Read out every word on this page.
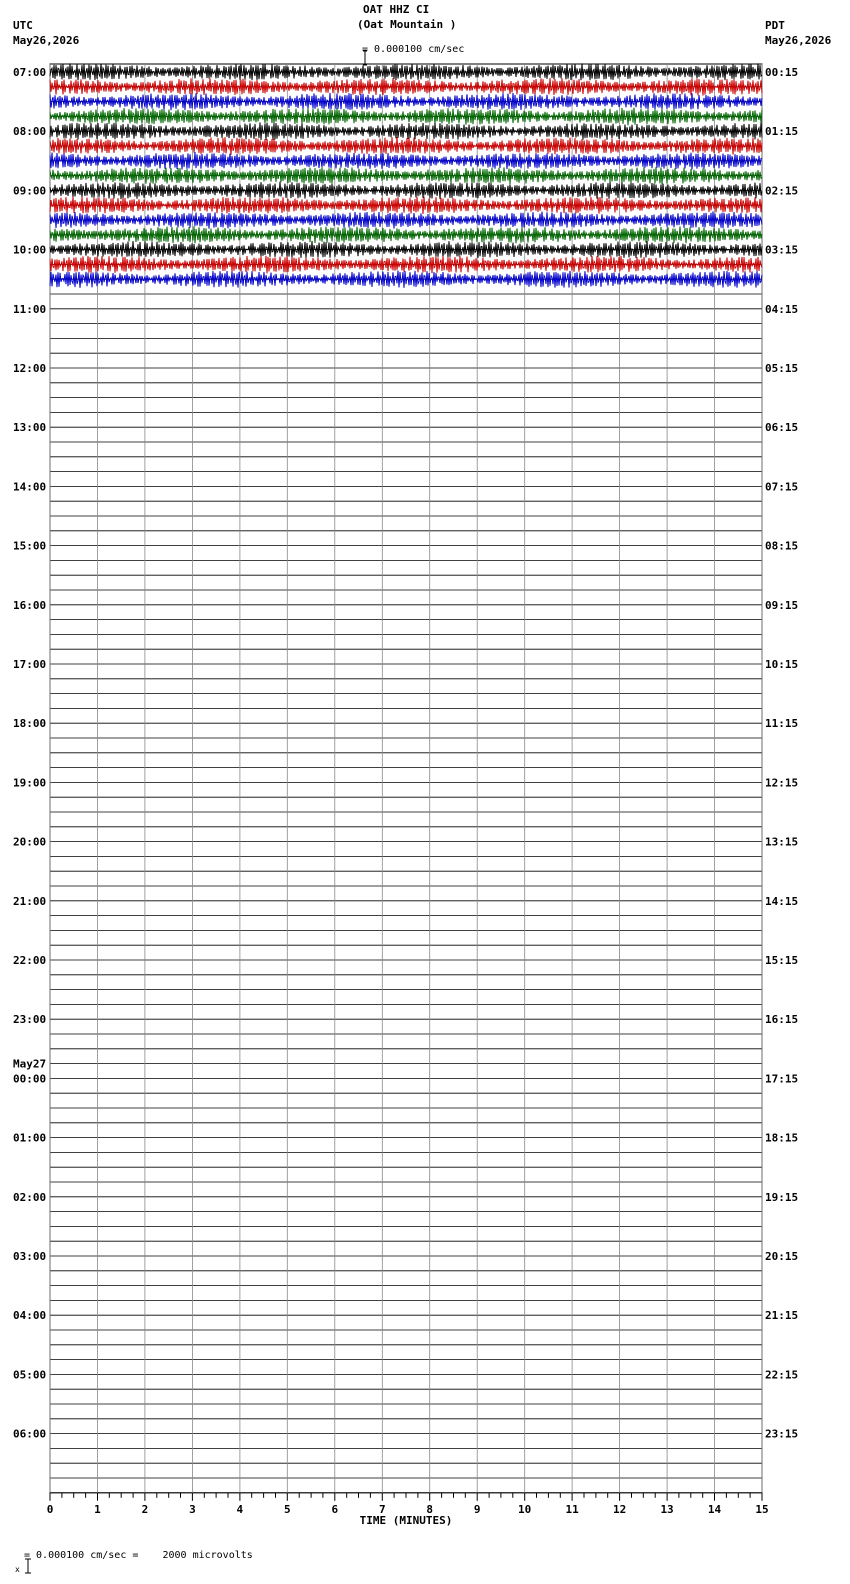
OAT HHZ CI
(Oat Mountain )
UTC
May26,2026
PDT
May26,2026

= 0.000100 cm/sec
0	1	2	3	4	5	6	7	8	9	10	11	12	13	14	15
TIME (MINUTES)
07:00
08:00
09:00
10:00
11:00
12:00
13:00
14:00
15:00
16:00
17:00
18:00
19:00
20:00
21:00
22:00
23:00
00:00
01:00
02:00
03:00
04:00
05:00
06:00
00:15
01:15
02:15
03:15
04:15
05:15
06:15
07:15
08:15
09:15
10:15
11:15
12:15
13:15
14:15
15:15
16:15
17:15
18:15
19:15
20:15
21:15
22:15
23:15
May27

x

= 0.000100 cm/sec =    2000 microvolts
